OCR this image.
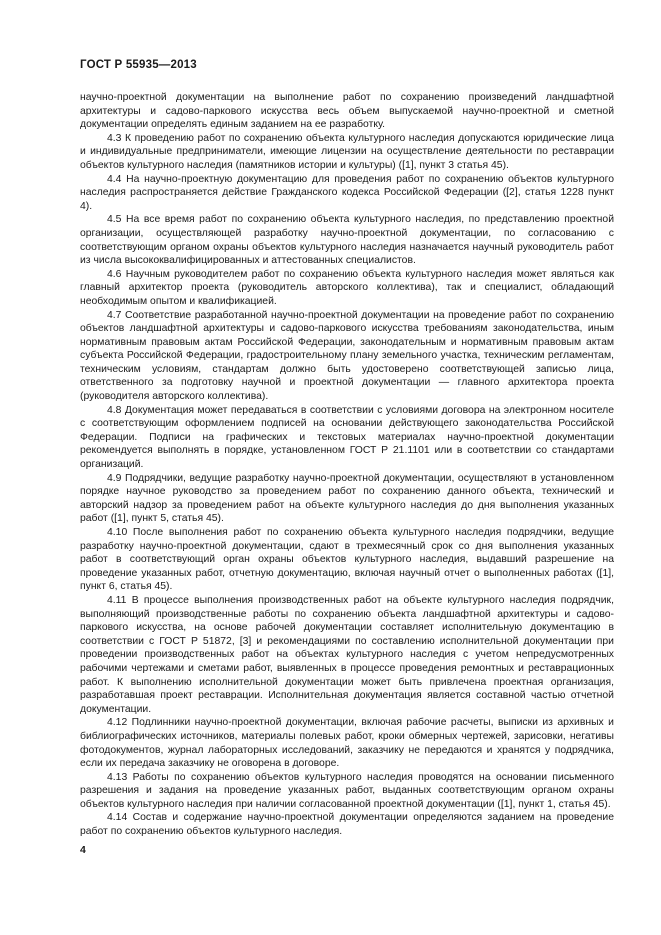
ГОСТ Р 55935—2013

научно-проектной документации на выполнение работ по сохранению произведений ландшафтной архитектуры и садово-паркового искусства весь объем выпускаемой научно-проектной и сметной документации определять единым заданием на ее разработку.

4.3 К проведению работ по сохранению объекта культурного наследия допускаются юридические лица и индивидуальные предприниматели, имеющие лицензии на осуществление деятельности по реставрации объектов культурного наследия (памятников истории и культуры) ([1], пункт 3 статья 45).

4.4 На научно-проектную документацию для проведения работ по сохранению объектов культурного наследия распространяется действие Гражданского кодекса Российской Федерации ([2], статья 1228 пункт 4).

4.5 На все время работ по сохранению объекта культурного наследия, по представлению проектной организации, осуществляющей разработку научно-проектной документации, по согласованию с соответствующим органом охраны объектов культурного наследия назначается научный руководитель работ из числа высококвалифицированных и аттестованных специалистов.

4.6 Научным руководителем работ по сохранению объекта культурного наследия может являться как главный архитектор проекта (руководитель авторского коллектива), так и специалист, обладающий необходимым опытом и квалификацией.

4.7 Соответствие разработанной научно-проектной документации на проведение работ по сохранению объектов ландшафтной архитектуры и садово-паркового искусства требованиям законодательства, иным нормативным правовым актам Российской Федерации, законодательным и нормативным правовым актам субъекта Российской Федерации, градостроительному плану земельного участка, техническим регламентам, техническим условиям, стандартам должно быть удостоверено соответствующей записью лица, ответственного за подготовку научной и проектной документации — главного архитектора проекта (руководителя авторского коллектива).

4.8 Документация может передаваться в соответствии с условиями договора на электронном носителе с соответствующим оформлением подписей на основании действующего законодательства Российской Федерации. Подписи на графических и текстовых материалах научно-проектной документации рекомендуется выполнять в порядке, установленном ГОСТ Р 21.1101 или в соответствии со стандартами организаций.

4.9 Подрядчики, ведущие разработку научно-проектной документации, осуществляют в установленном порядке научное руководство за проведением работ по сохранению данного объекта, технический и авторский надзор за проведением работ на объекте культурного наследия до дня выполнения указанных работ ([1], пункт 5, статья 45).

4.10 После выполнения работ по сохранению объекта культурного наследия подрядчики, ведущие разработку научно-проектной документации, сдают в трехмесячный срок со дня выполнения указанных работ в соответствующий орган охраны объектов культурного наследия, выдавший разрешение на проведение указанных работ, отчетную документацию, включая научный отчет о выполненных работах ([1], пункт 6, статья 45).

4.11 В процессе выполнения производственных работ на объекте культурного наследия подрядчик, выполняющий производственные работы по сохранению объекта ландшафтной архитектуры и садово-паркового искусства, на основе рабочей документации составляет исполнительную документацию в соответствии с ГОСТ Р 51872, [3] и рекомендациями по составлению исполнительной документации при проведении производственных работ на объектах культурного наследия с учетом непредусмотренных рабочими чертежами и сметами работ, выявленных в процессе проведения ремонтных и реставрационных работ. К выполнению исполнительной документации может быть привлечена проектная организация, разработавшая проект реставрации. Исполнительная документация является составной частью отчетной документации.

4.12 Подлинники научно-проектной документации, включая рабочие расчеты, выписки из архивных и библиографических источников, материалы полевых работ, кроки обмерных чертежей, зарисовки, негативы фотодокументов, журнал лабораторных исследований, заказчику не передаются и хранятся у подрядчика, если их передача заказчику не оговорена в договоре.

4.13 Работы по сохранению объектов культурного наследия проводятся на основании письменного разрешения и задания на проведение указанных работ, выданных соответствующим органом охраны объектов культурного наследия при наличии согласованной проектной документации ([1], пункт 1, статья 45).

4.14 Состав и содержание научно-проектной документации определяются заданием на проведение работ по сохранению объектов культурного наследия.

4
